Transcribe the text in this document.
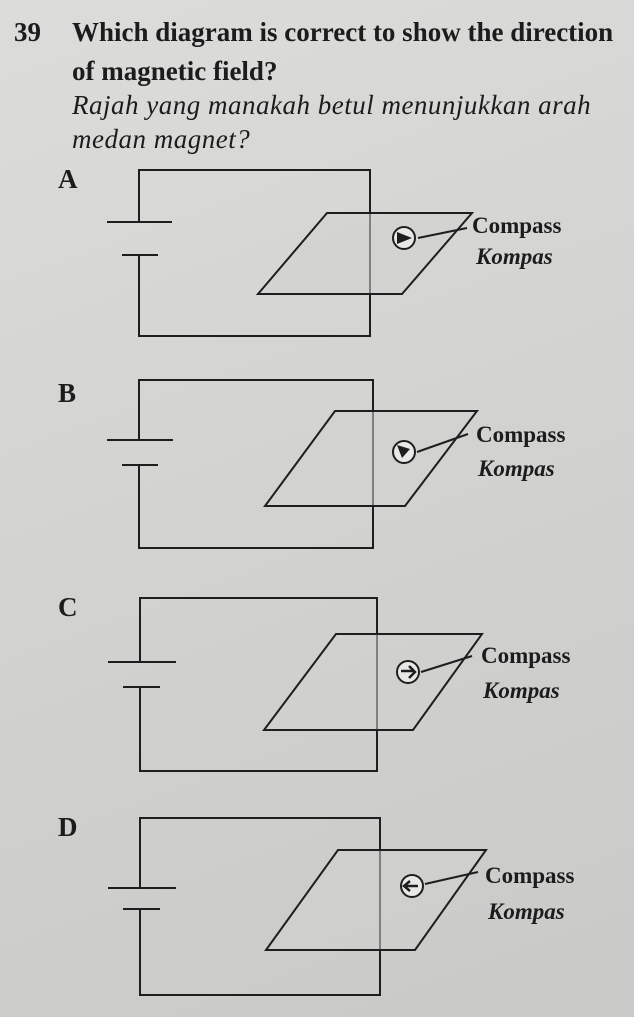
39 Which diagram is correct to show the direction
of magnetic field?
Rajah yang manakah betul menunjukkan arah
medan magnet?
A
Compass
Kompas
B
Compass
Kompas
C
Compass
Kompas
D
Compass
Kompas
